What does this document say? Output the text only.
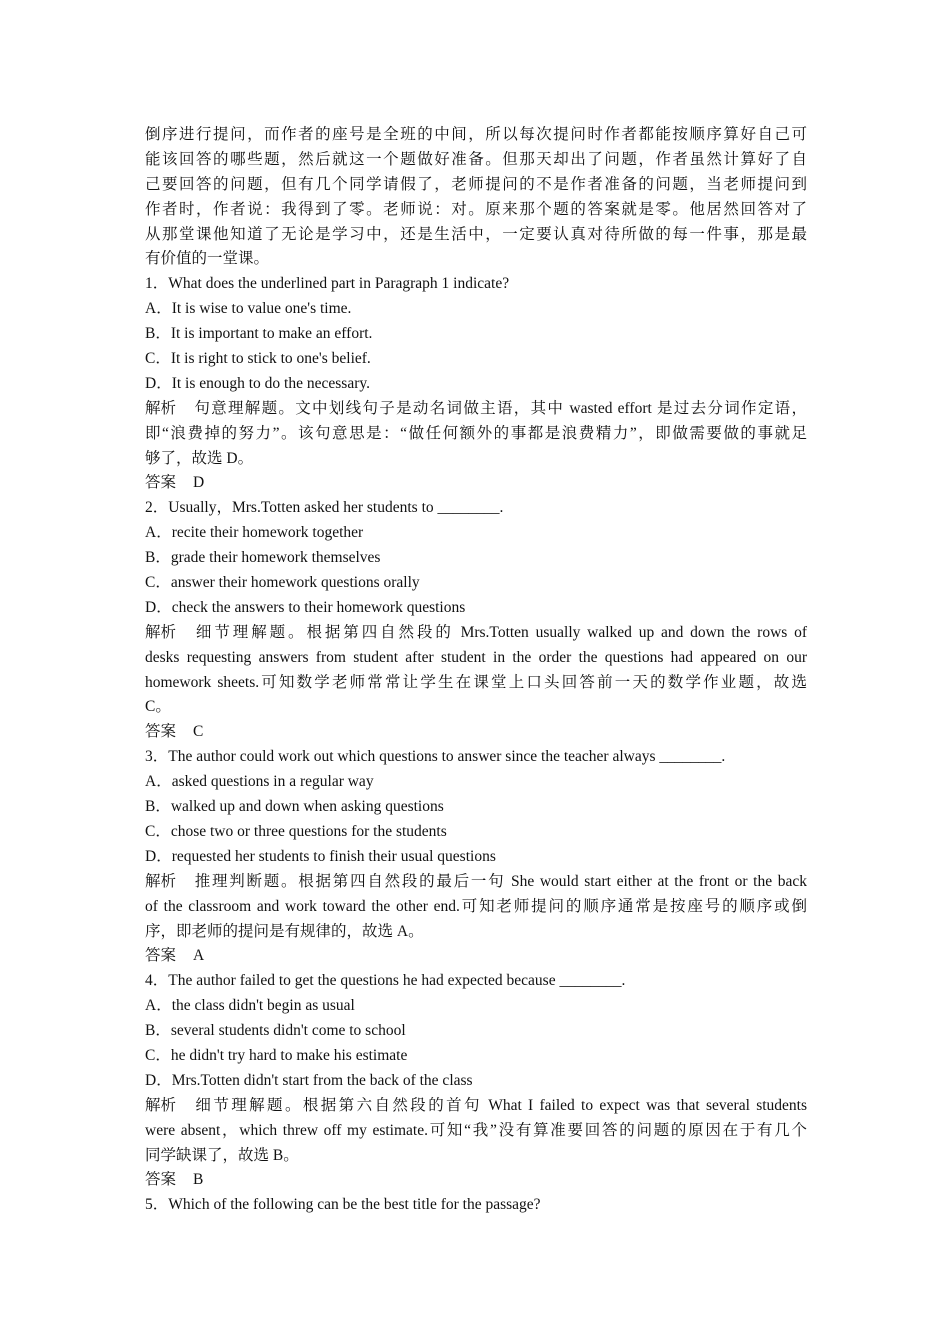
倒序进行提问，而作者的座号是全班的中间，所以每次提问时作者都能按顺序算好自己可
能该回答的哪些题，然后就这一个题做好准备。但那天却出了问题，作者虽然计算好了自
己要回答的问题，但有几个同学请假了，老师提问的不是作者准备的问题，当老师提问到
作者时，作者说：我得到了零。老师说：对。原来那个题的答案就是零。他居然回答对了
从那堂课他知道了无论是学习中，还是生活中，一定要认真对待所做的每一件事，那是最
有价值的一堂课。
1．What does the underlined part in Paragraph 1 indicate?
A．It is wise to value one's time.
B．It is important to make an effort.
C．It is right to stick to one's belief.
D．It is enough to do the necessary.
解析 句意理解题。文中划线句子是动名词做主语，其中 wasted effort 是过去分词作定语，
即“浪费掉的努力”。该句意思是：“做任何额外的事都是浪费精力”，即做需要做的事就足
够了，故选 D。
答案 D
2．Usually，Mrs.Totten asked her students to ________.
A．recite their homework together
B．grade their homework themselves
C．answer their homework questions orally
D．check the answers to their homework questions
解析 细节理解题。根据第四自然段的 Mrs.Totten usually walked up and down the rows of
desks requesting answers from student after student in the order the questions had appeared on our
homework sheets.可知数学老师常常让学生在课堂上口头回答前一天的数学作业题，故选
C。
答案 C
3．The author could work out which questions to answer since the teacher always ________.
A．asked questions in a regular way
B．walked up and down when asking questions
C．chose two or three questions for the students
D．requested her students to finish their usual questions
解析 推理判断题。根据第四自然段的最后一句 She would start either at the front or the back
of the classroom and work toward the other end.可知老师提问的顺序通常是按座号的顺序或倒
序，即老师的提问是有规律的，故选 A。
答案 A
4．The author failed to get the questions he had expected because ________.
A．the class didn't begin as usual
B．several students didn't come to school
C．he didn't try hard to make his estimate
D．Mrs.Totten didn't start from the back of the class
解析 细节理解题。根据第六自然段的首句 What I failed to expect was that several students
were absent，which threw off my estimate.可知“我”没有算准要回答的问题的原因在于有几个
同学缺课了，故选 B。
答案 B
5．Which of the following can be the best title for the passage?
